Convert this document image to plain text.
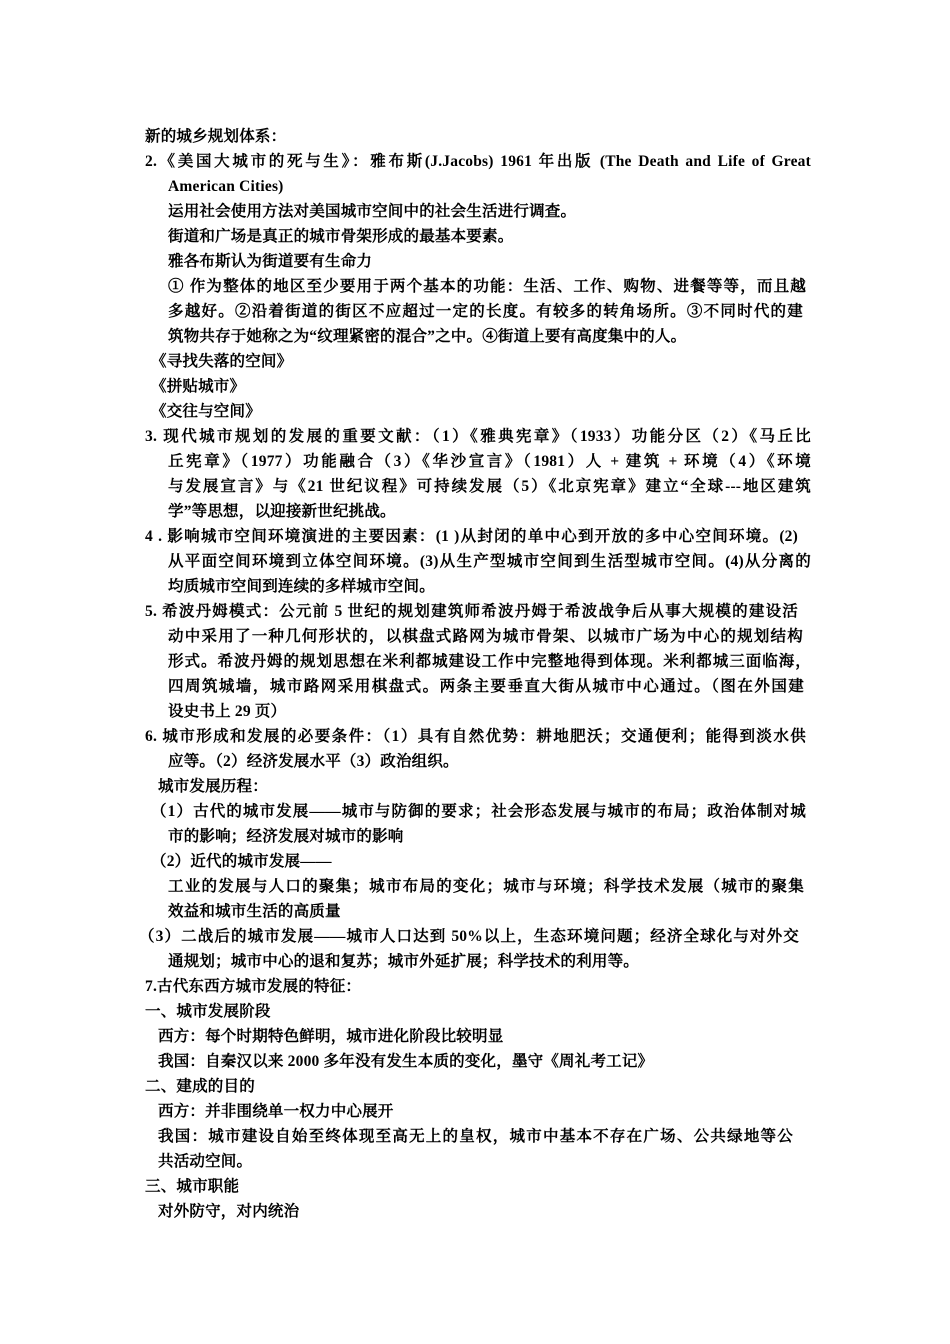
新的城乡规划体系：
2.《美国大城市的死与生》：雅布斯(J.Jacobs) 1961 年出版 (The Death and Life of Great
American Cities)
运用社会使用方法对美国城市空间中的社会生活进行调查。
街道和广场是真正的城市骨架形成的最基本要素。
雅各布斯认为街道要有生命力
① 作为整体的地区至少要用于两个基本的功能：生活、工作、购物、进餐等等，而且越
多越好。②沿着街道的街区不应超过一定的长度。有较多的转角场所。③不同时代的建
筑物共存于她称之为“纹理紧密的混合”之中。④街道上要有高度集中的人。
《寻找失落的空间》
《拼贴城市》
《交往与空间》
3. 现代城市规划的发展的重要文献：（1）《雅典宪章》（1933）功能分区（2）《马丘比
丘宪章》（1977）功能融合（3）《华沙宣言》（1981）人 + 建筑 + 环境（4）《环境
与发展宣言》与《21 世纪议程》可持续发展（5）《北京宪章》建立“全球---地区建筑
学”等思想，以迎接新世纪挑战。
4 . 影响城市空间环境演进的主要因素：(1 )从封闭的单中心到开放的多中心空间环境。(2)
从平面空间环境到立体空间环境。(3)从生产型城市空间到生活型城市空间。(4)从分离的
均质城市空间到连续的多样城市空间。
5. 希波丹姆模式：公元前 5 世纪的规划建筑师希波丹姆于希波战争后从事大规模的建设活
动中采用了一种几何形状的，以棋盘式路网为城市骨架、以城市广场为中心的规划结构
形式。希波丹姆的规划思想在米利都城建设工作中完整地得到体现。米利都城三面临海，
四周筑城墙，城市路网采用棋盘式。两条主要垂直大街从城市中心通过。（图在外国建
设史书上 29 页）
6. 城市形成和发展的必要条件：（1）具有自然优势：耕地肥沃；交通便利；能得到淡水供
应等。（2）经济发展水平（3）政治组织。
城市发展历程：
（1）古代的城市发展——城市与防御的要求；社会形态发展与城市的布局；政治体制对城
市的影响；经济发展对城市的影响
（2）近代的城市发展——
工业的发展与人口的聚集；城市布局的变化；城市与环境；科学技术发展（城市的聚集
效益和城市生活的高质量
（3）二战后的城市发展——城市人口达到 50%以上，生态环境问题；经济全球化与对外交
通规划；城市中心的退和复苏；城市外延扩展；科学技术的利用等。
7.古代东西方城市发展的特征：
一、城市发展阶段
西方：每个时期特色鲜明，城市进化阶段比较明显
我国：自秦汉以来 2000 多年没有发生本质的变化，墨守《周礼考工记》
二、建成的目的
西方：并非围绕单一权力中心展开
我国：城市建设自始至终体现至高无上的皇权，城市中基本不存在广场、公共绿地等公
共活动空间。
三、城市职能
对外防守，对内统治
